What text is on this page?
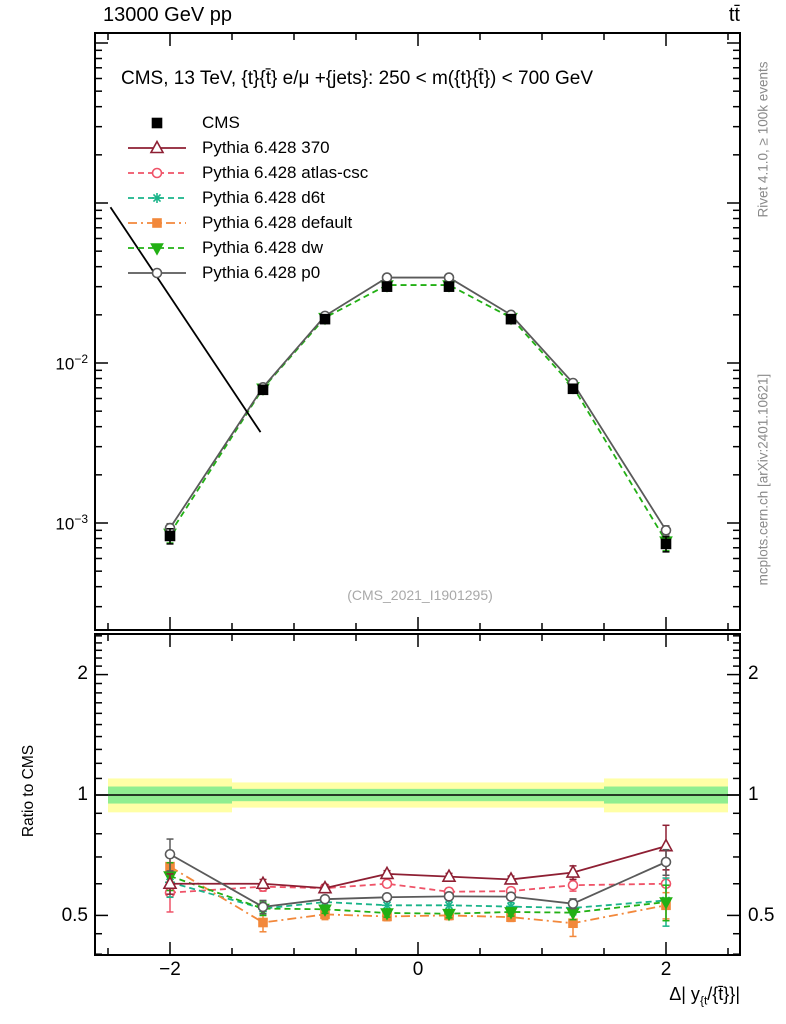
13000 GeV pp	tt̄
CMS, 13 TeV, {t}{t̄} e/μ +{jets}: 250 < m({t}{t̄}) < 700 GeV
CMS
Pythia 6.428 370
Pythia 6.428 atlas-csc
Pythia 6.428 d6t
Pythia 6.428 default
Pythia 6.428 dw
Pythia 6.428 p0
(CMS_2021_I1901295)
Rivet 4.1.0, ≥ 100k events
mcplots.cern.ch [arXiv:2401.10621]
Ratio to CMS
$10^{-2}$
$10^{-3}$
2
1
0.5
2
1
0.5
−2	0	2
Δ| $y_{\{t}/\{t̄\}\}|$
